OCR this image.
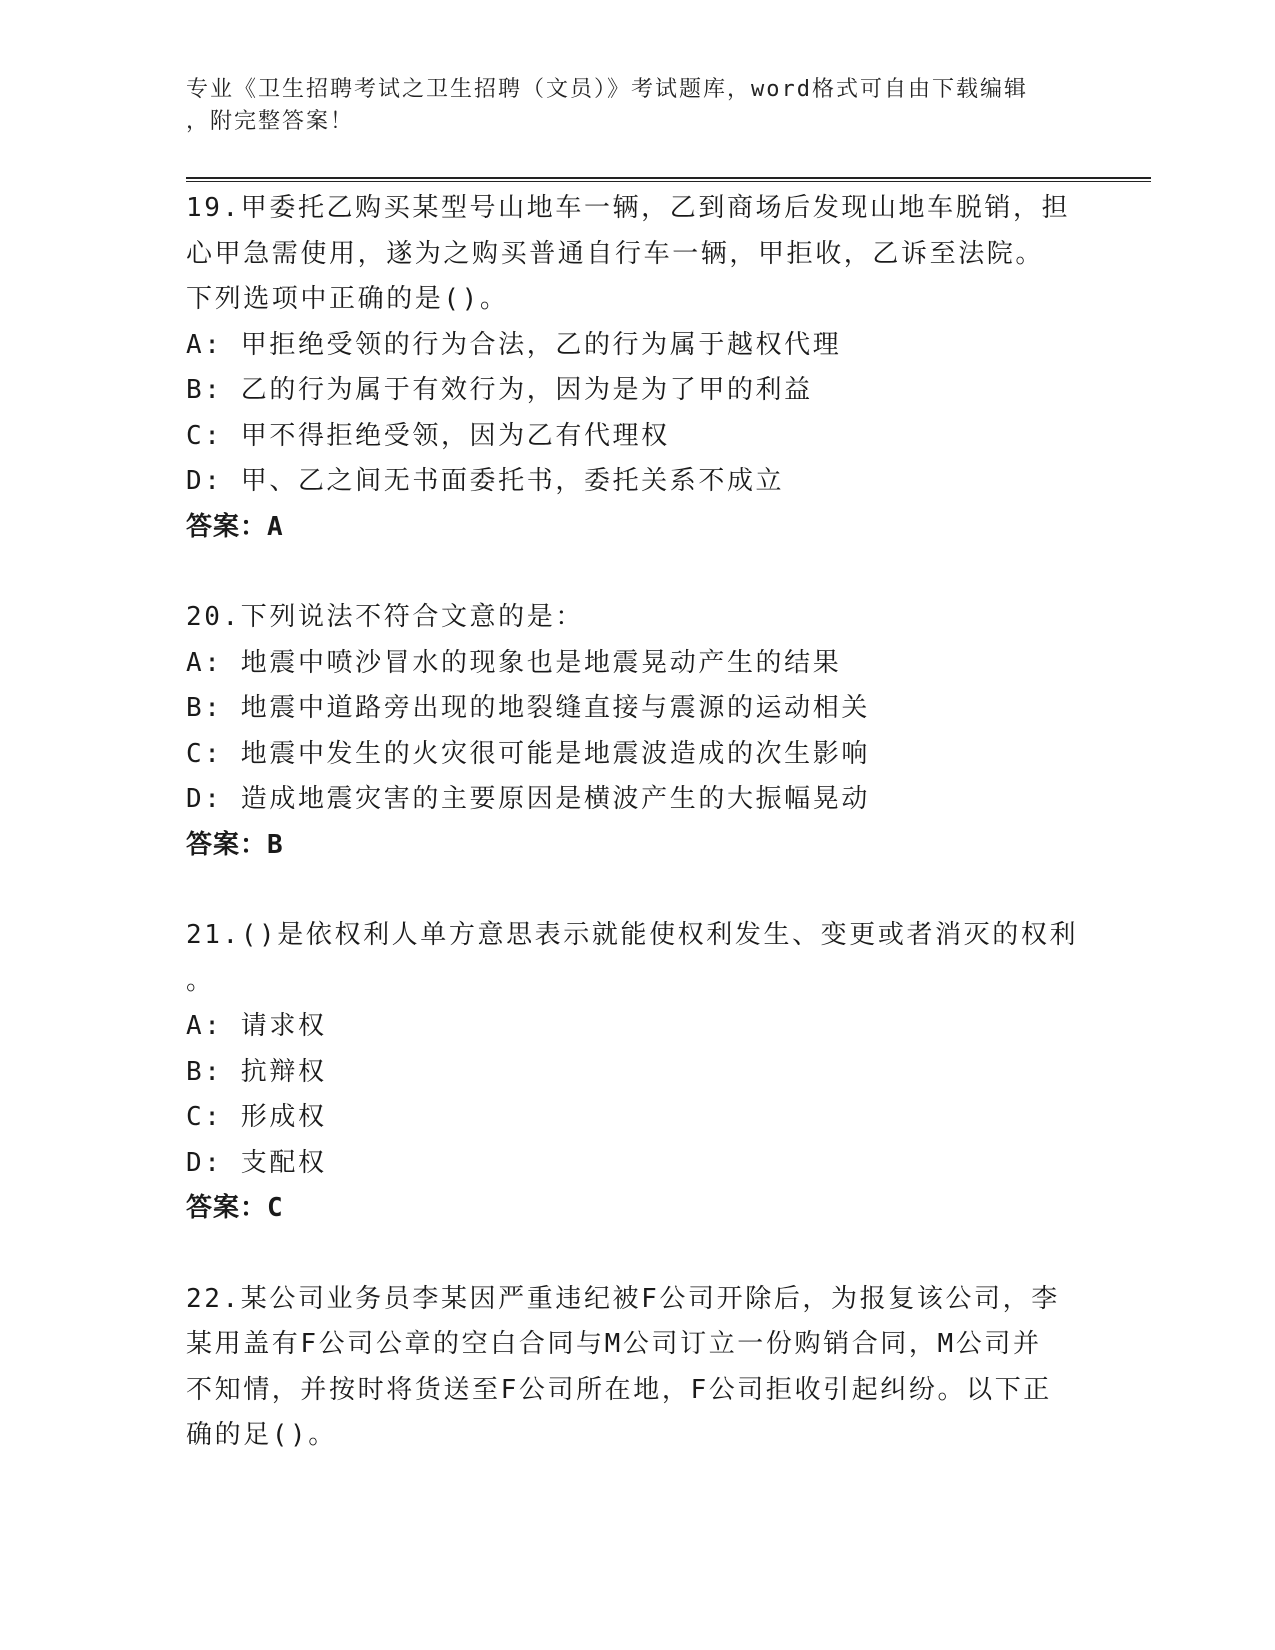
专业《卫生招聘考试之卫生招聘（文员）》考试题库，word格式可自由下载编辑
，附完整答案！

19.甲委托乙购买某型号山地车一辆，乙到商场后发现山地车脱销，担

心甲急需使用，遂为之购买普通自行车一辆，甲拒收，乙诉至法院。

下列选项中正确的是()。

A: 甲拒绝受领的行为合法，乙的行为属于越权代理

B: 乙的行为属于有效行为，因为是为了甲的利益

C: 甲不得拒绝受领，因为乙有代理权

D: 甲、乙之间无书面委托书，委托关系不成立

答案：A

20.下列说法不符合文意的是：

A: 地震中喷沙冒水的现象也是地震晃动产生的结果

B: 地震中道路旁出现的地裂缝直接与震源的运动相关

C: 地震中发生的火灾很可能是地震波造成的次生影响

D: 造成地震灾害的主要原因是横波产生的大振幅晃动

答案：B

21.()是依权利人单方意思表示就能使权利发生、变更或者消灭的权利

。

A: 请求权

B: 抗辩权

C: 形成权

D: 支配权

答案：C

22.某公司业务员李某因严重违纪被F公司开除后，为报复该公司，李

某用盖有F公司公章的空白合同与M公司订立一份购销合同，M公司并

不知情，并按时将货送至F公司所在地，F公司拒收引起纠纷。以下正

确的足()。
